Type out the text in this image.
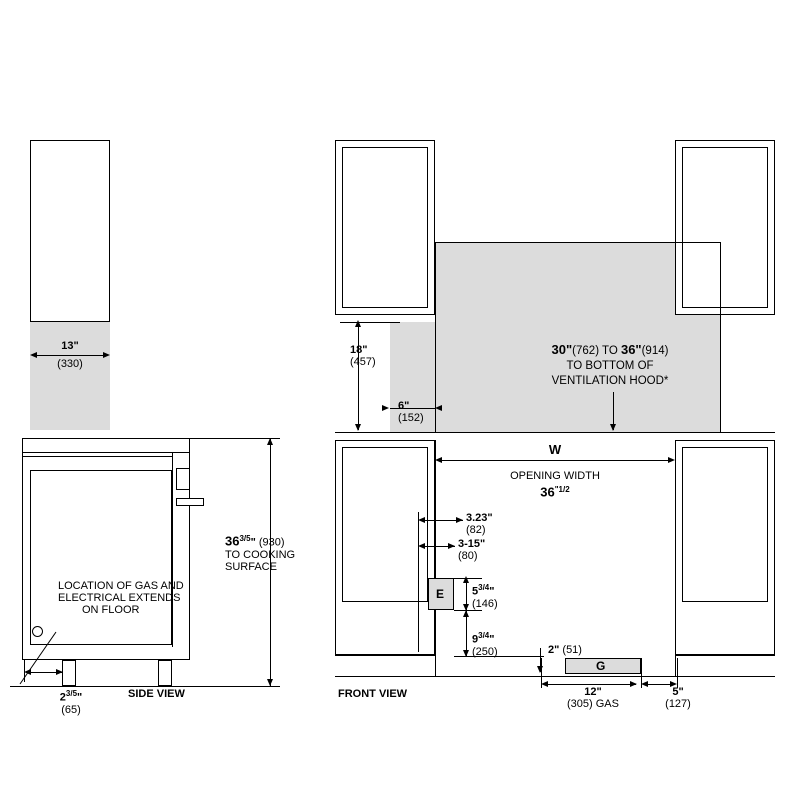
13"
(330)
LOCATION OF GAS AND
ELECTRICAL EXTENDS
ON FLOOR
$36^{3/5}$" (930)
TO COOKING
SURFACE
$2^{3/5}$"
(65)
SIDE VIEW
18"
(457)
6"
(152)
30"(762) TO 36"(914)
TO BOTTOM OF
VENTILATION HOOD*
W
OPENING WIDTH
$36^{"1/2}$
3.23"
(82)
3-15"
(80)
E	$5^{3/4}$"
(146)
$9^{3/4}$"
(250)	2" (51)
G
12"
(305) GAS
5"
(127)
FRONT VIEW
